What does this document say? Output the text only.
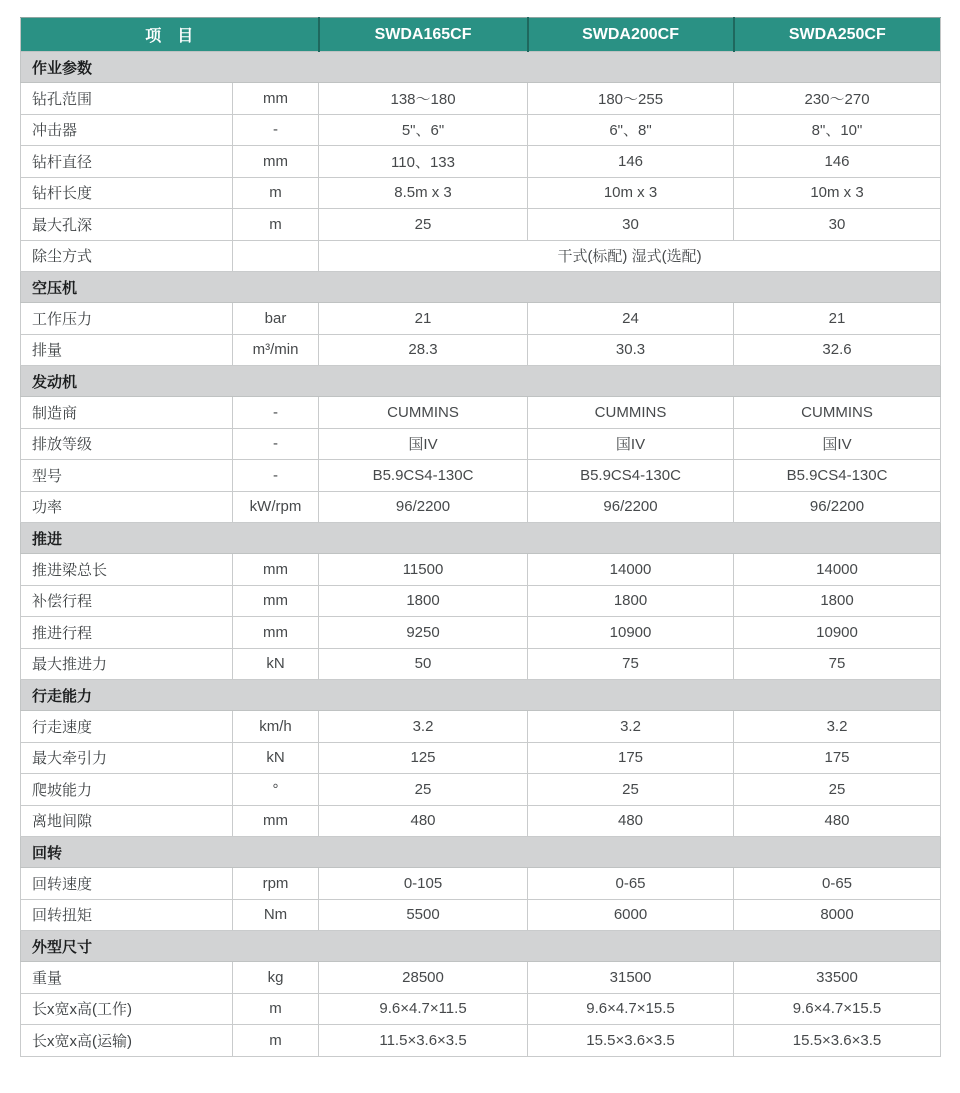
项　目		SWDA165CF	SWDA200CF	SWDA250CF
作业参数				
钻孔范围	mm	138～180	180～255	230～270
冲击器	-	5"、6"	6"、8"	8"、10"
钻杆直径	mm	110、133	146	146
钻杆长度	m	8.5m x 3	10m x 3	10m x 3
最大孔深	m	25	30	30
除尘方式		干式(标配) 湿式(选配)		
空压机				
工作压力	bar	21	24	21
排量	m³/min	28.3	30.3	32.6
发动机				
制造商	-	CUMMINS	CUMMINS	CUMMINS
排放等级	-	国IV	国IV	国IV
型号	-	B5.9CS4-130C	B5.9CS4-130C	B5.9CS4-130C
功率	kW/rpm	96/2200	96/2200	96/2200
推进				
推进梁总长	mm	11500	14000	14000
补偿行程	mm	1800	1800	1800
推进行程	mm	9250	10900	10900
最大推进力	kN	50	75	75
行走能力				
行走速度	km/h	3.2	3.2	3.2
最大牵引力	kN	125	175	175
爬坡能力	°	25	25	25
离地间隙	mm	480	480	480
回转				
回转速度	rpm	0-105	0-65	0-65
回转扭矩	Nm	5500	6000	8000
外型尺寸				
重量	kg	28500	31500	33500
长x宽x高(工作)	m	9.6×4.7×11.5	9.6×4.7×15.5	9.6×4.7×15.5
长x宽x高(运输)	m	11.5×3.6×3.5	15.5×3.6×3.5	15.5×3.6×3.5
